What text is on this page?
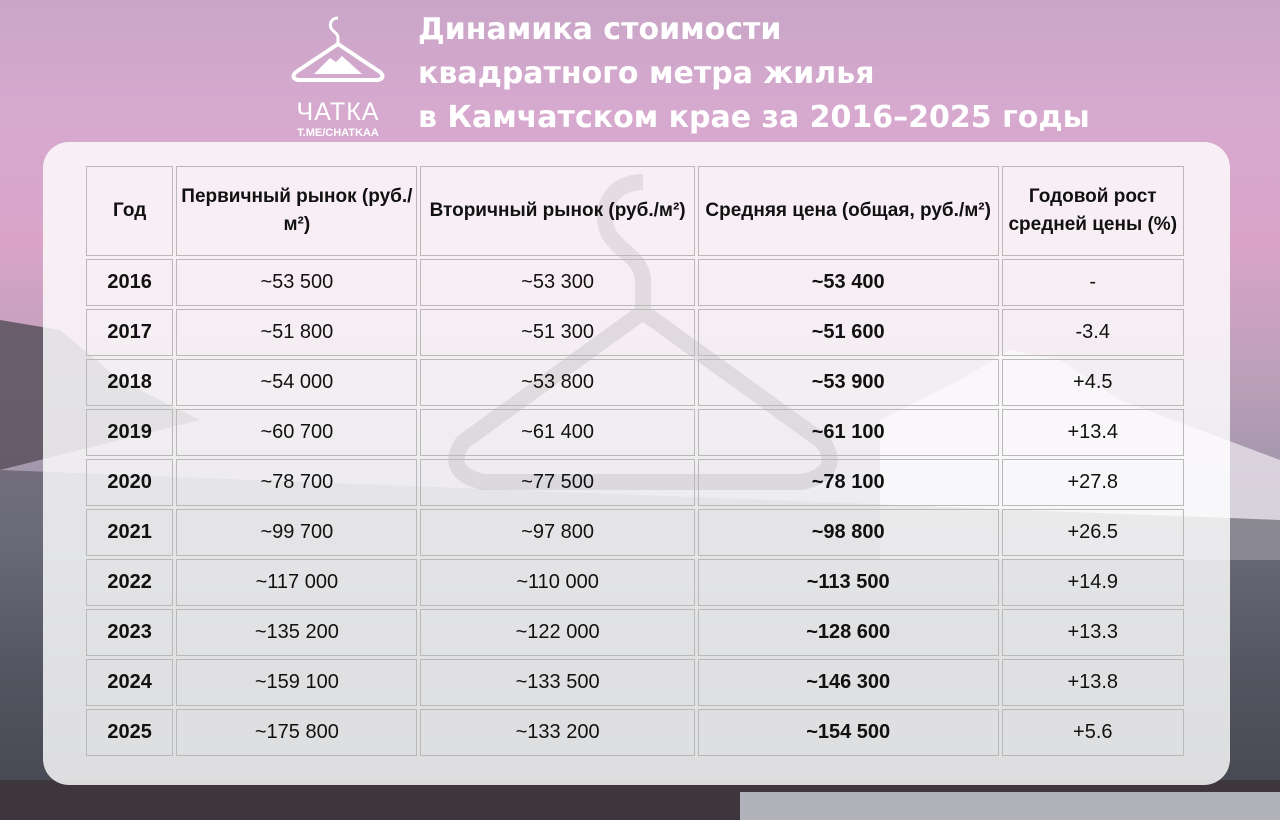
ЧАТКА
T.ME/CHATKAA
Динамика стоимости
квадратного метра жилья
в Камчатском крае за 2016–2025 годы
Год	Первичный рынок (руб./м²)	Вторичный рынок (руб./м²)	Средняя цена (общая, руб./м²)	Годовой рост средней цены (%)
2016	~53 500	~53 300	~53 400	-
2017	~51 800	~51 300	~51 600	-3.4
2018	~54 000	~53 800	~53 900	+4.5
2019	~60 700	~61 400	~61 100	+13.4
2020	~78 700	~77 500	~78 100	+27.8
2021	~99 700	~97 800	~98 800	+26.5
2022	~117 000	~110 000	~113 500	+14.9
2023	~135 200	~122 000	~128 600	+13.3
2024	~159 100	~133 500	~146 300	+13.8
2025	~175 800	~133 200	~154 500	+5.6
